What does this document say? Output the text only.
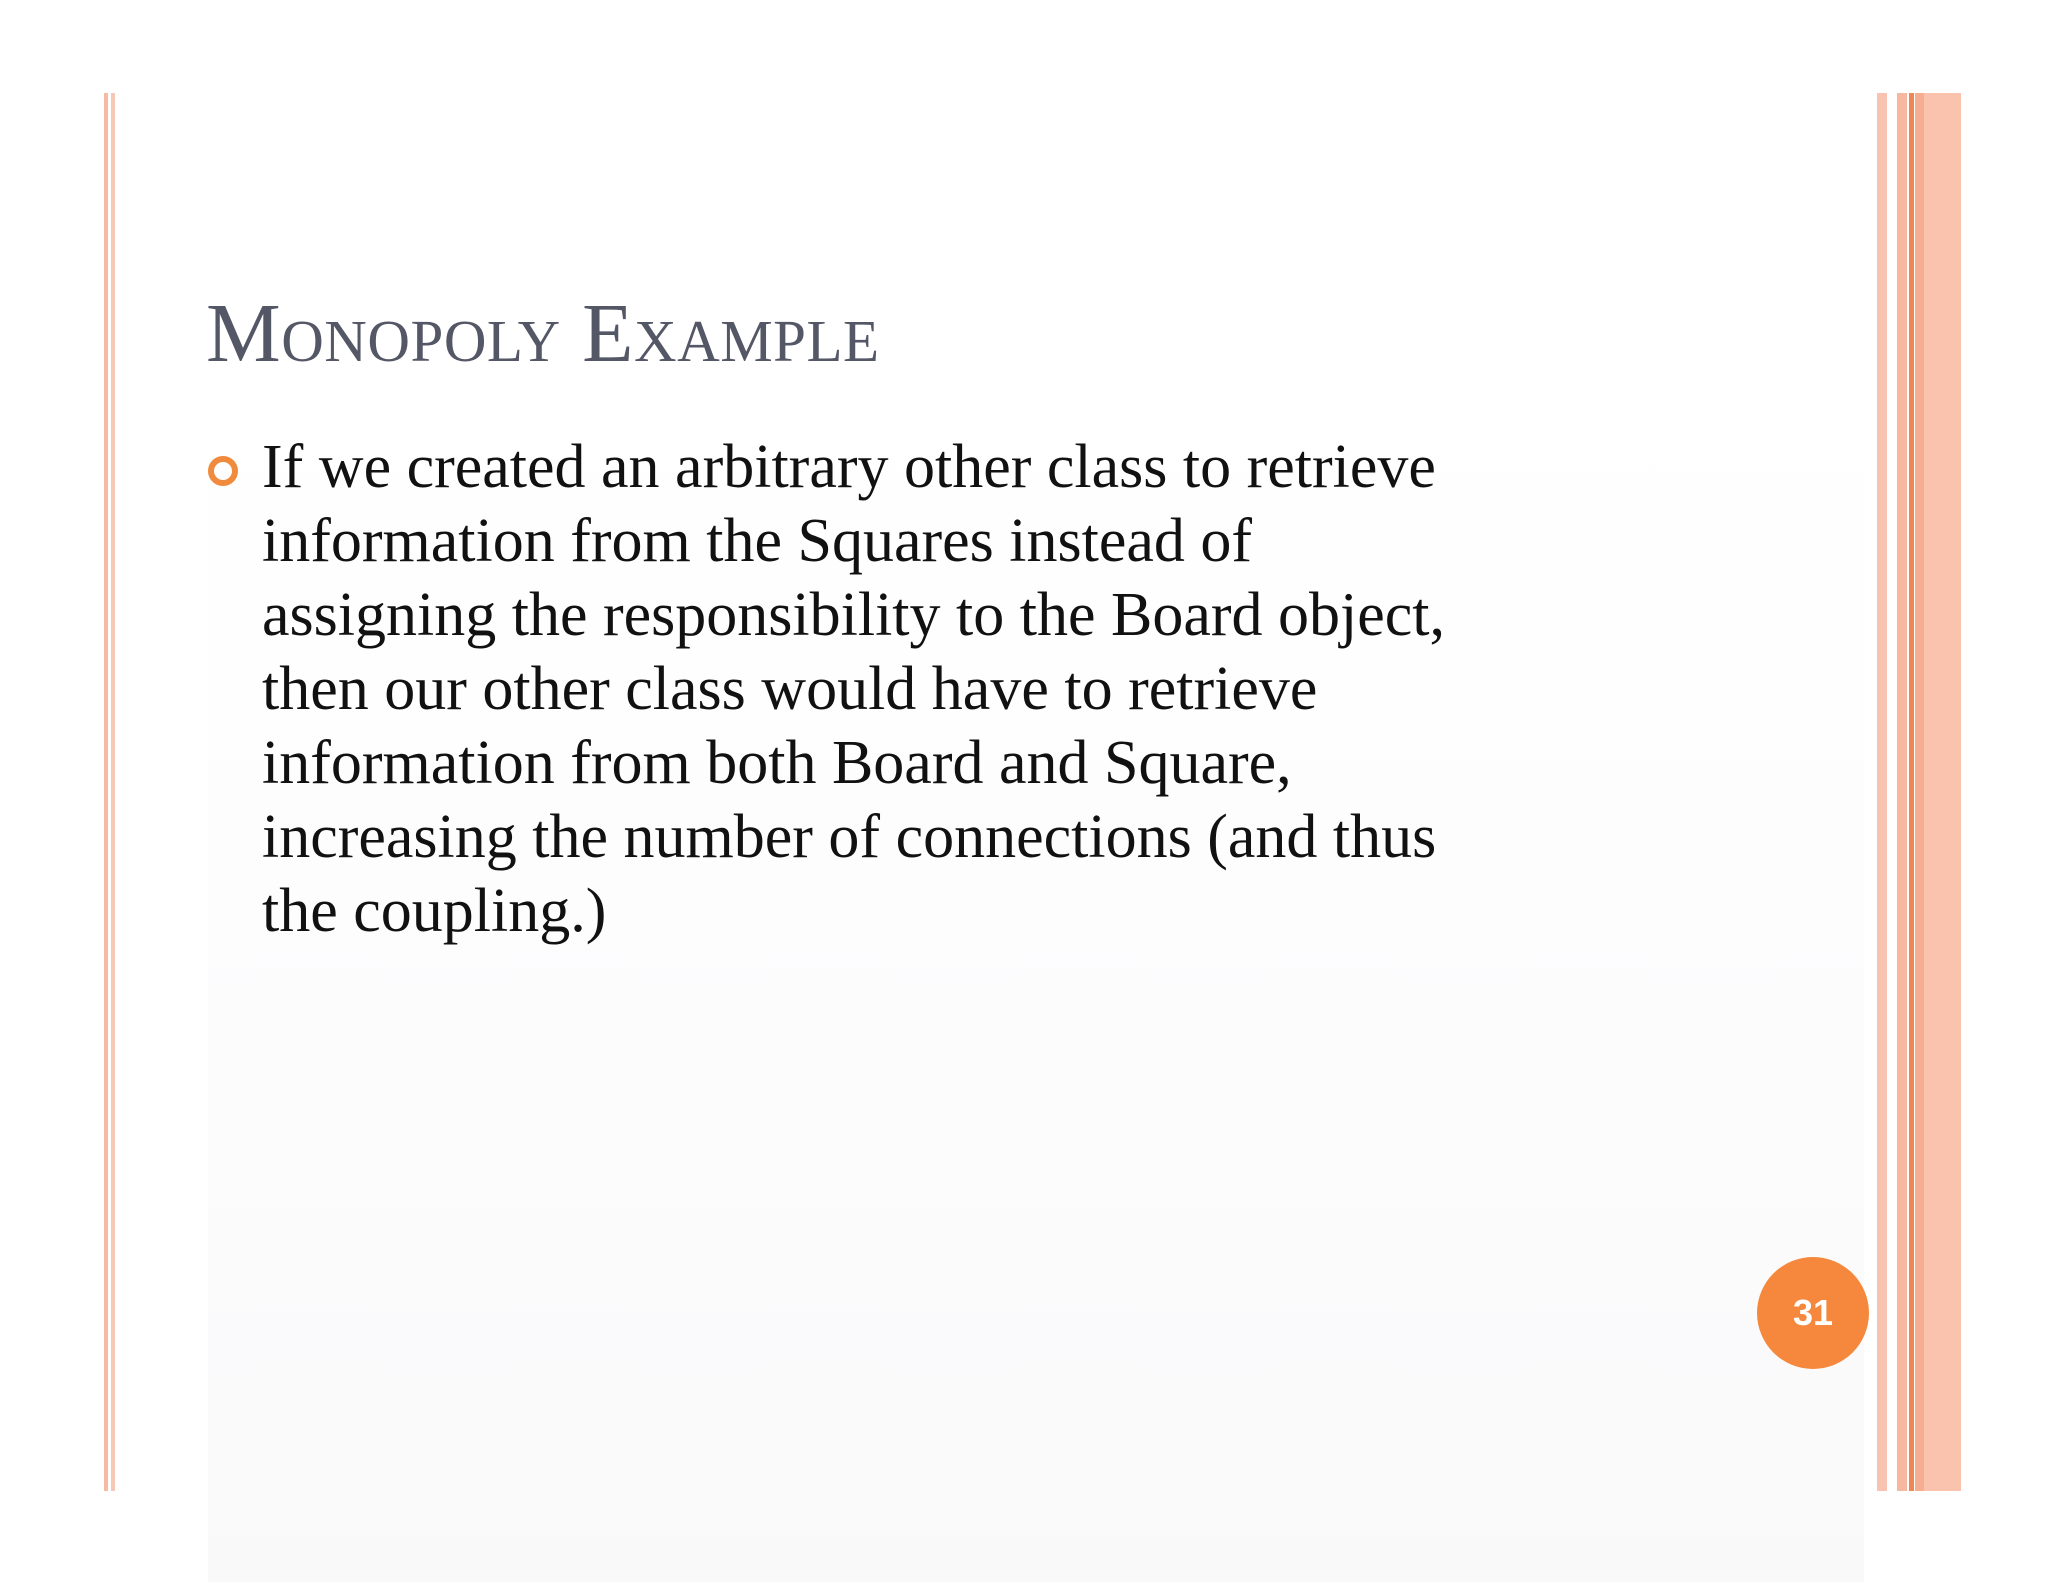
Monopoly Example
If we created an arbitrary other class to retrieve
information from the Squares instead of
assigning the responsibility to the Board object,
then our other class would have to retrieve
information from both Board and Square,
increasing the number of connections (and thus
the coupling.)
31
